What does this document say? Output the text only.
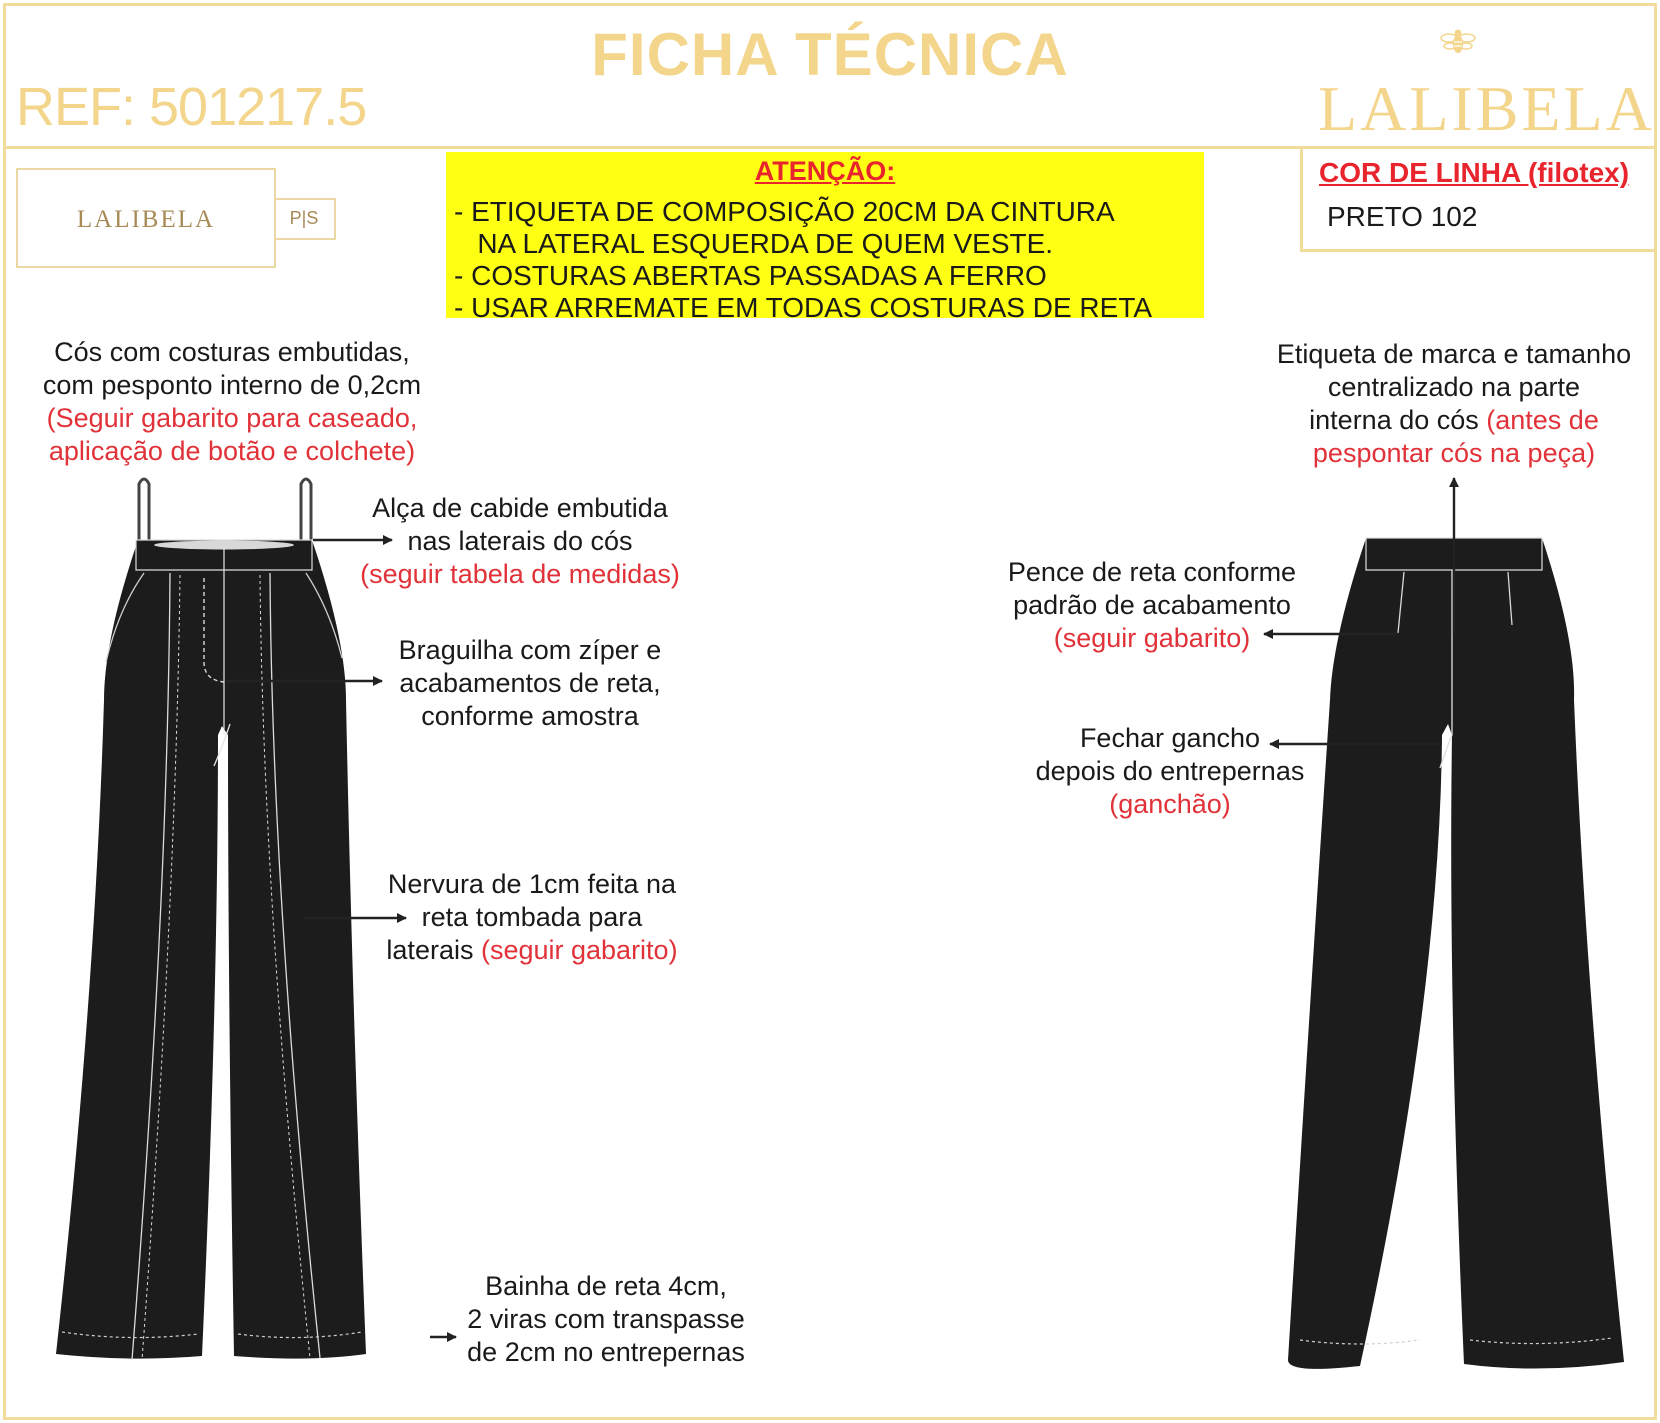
FICHA TÉCNICA
REF: 501217.5	LALIBELA
LALIBELA	P|S
ATENÇÃO:
- ETIQUETA DE COMPOSIÇÃO 20CM DA CINTURA
NA LATERAL ESQUERDA DE QUEM VESTE.
- COSTURAS ABERTAS PASSADAS A FERRO
- USAR ARREMATE EM TODAS COSTURAS DE RETA
COR DE LINHA (filotex)
PRETO 102
Cós com costuras embutidas,
com pesponto interno de 0,2cm
(Seguir gabarito para caseado,
aplicação de botão e colchete)
Alça de cabide embutida
nas laterais do cós
(seguir tabela de medidas)
Braguilha com zíper e
acabamentos de reta,
conforme amostra
Nervura de 1cm feita na
reta tombada para
laterais (seguir gabarito)
Bainha de reta 4cm,
2 viras com transpasse
de 2cm no entrepernas
Etiqueta de marca e tamanho
centralizado na parte
interna do cós (antes de
pespontar cós na peça)
Pence de reta conforme
padrão de acabamento
(seguir gabarito)
Fechar gancho
depois do entrepernas
(ganchão)
